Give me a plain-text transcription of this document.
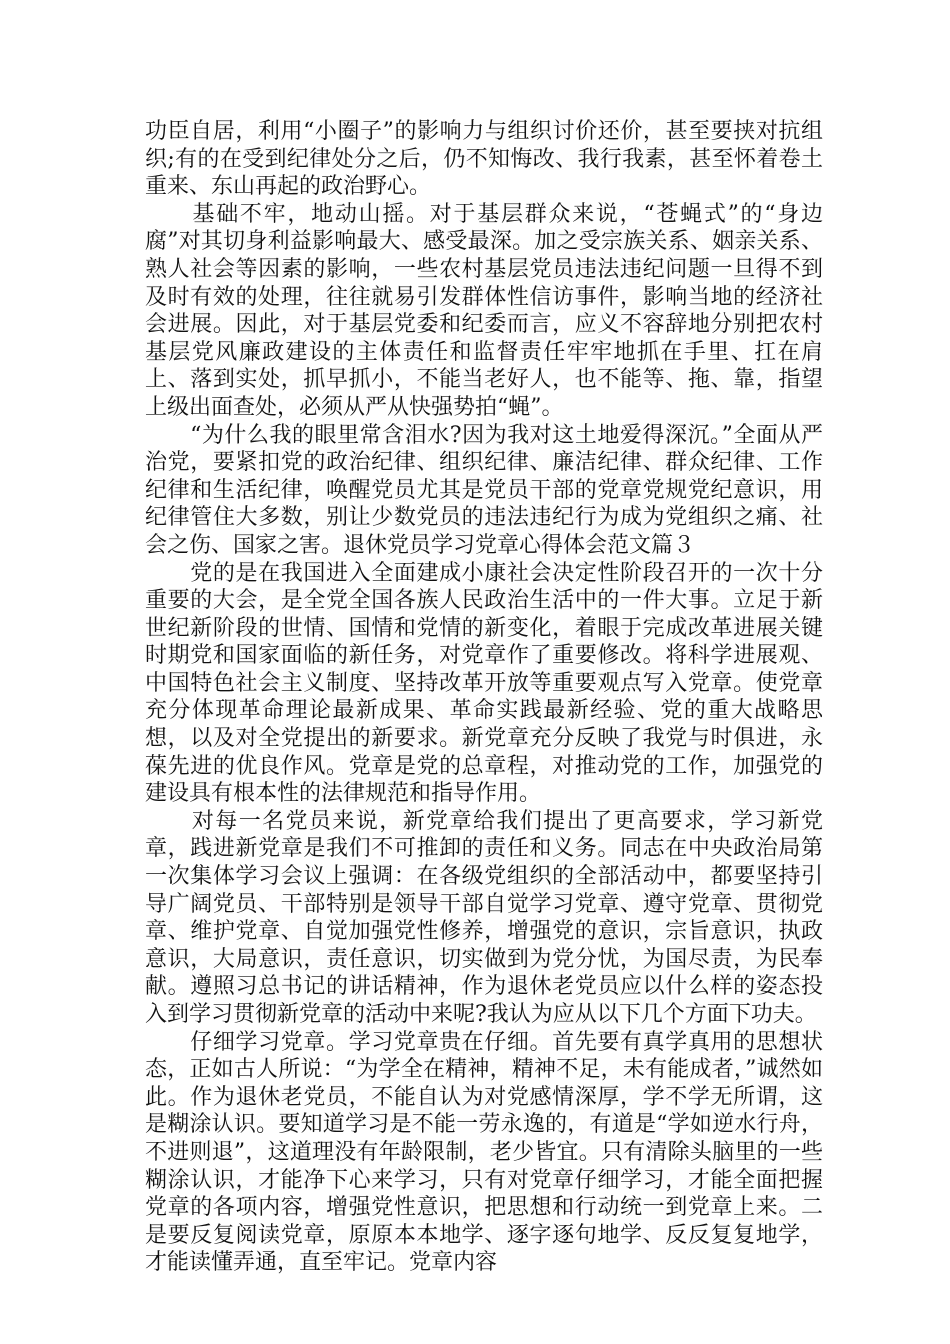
功臣自居，利用“小圈子”的影响力与组织讨价还价，甚至要挟对抗组织;有的在受到纪律处分之后，仍不知悔改、我行我素，甚至怀着卷土重来、东山再起的政治野心。

　　基础不牢，地动山摇。对于基层群众来说，“苍蝇式”的“身边腐”对其切身利益影响最大、感受最深。加之受宗族关系、姻亲关系、熟人社会等因素的影响，一些农村基层党员违法违纪问题一旦得不到及时有效的处理，往往就易引发群体性信访事件，影响当地的经济社会进展。因此，对于基层党委和纪委而言，应义不容辞地分别把农村基层党风廉政建设的主体责任和监督责任牢牢地抓在手里、扛在肩上、落到实处，抓早抓小，不能当老好人，也不能等、拖、靠，指望上级出面查处，必须从严从快强势拍“蝇”。

　　“为什么我的眼里常含泪水?因为我对这土地爱得深沉。”全面从严治党，要紧扣党的政治纪律、组织纪律、廉洁纪律、群众纪律、工作纪律和生活纪律，唤醒党员尤其是党员干部的党章党规党纪意识，用纪律管住大多数，别让少数党员的违法违纪行为成为党组织之痛、社会之伤、国家之害。退休党员学习党章心得体会范文篇３

　　党的是在我国进入全面建成小康社会决定性阶段召开的一次十分重要的大会，是全党全国各族人民政治生活中的一件大事。立足于新世纪新阶段的世情、国情和党情的新变化，着眼于完成改革进展关键时期党和国家面临的新任务，对党章作了重要修改。将科学进展观、中国特色社会主义制度、坚持改革开放等重要观点写入党章。使党章充分体现革命理论最新成果、革命实践最新经验、党的重大战略思想，以及对全党提出的新要求。新党章充分反映了我党与时俱进，永葆先进的优良作风。党章是党的总章程，对推动党的工作，加强党的建设具有根本性的法律规范和指导作用。

　　对每一名党员来说，新党章给我们提出了更高要求，学习新党章，践进新党章是我们不可推卸的责任和义务。同志在中央政治局第一次集体学习会议上强调：在各级党组织的全部活动中，都要坚持引导广阔党员、干部特别是领导干部自觉学习党章、遵守党章、贯彻党章、维护党章、自觉加强党性修养，增强党的意识，宗旨意识，执政意识，大局意识，责任意识，切实做到为党分忧，为国尽责，为民奉献。遵照习总书记的讲话精神，作为退休老党员应以什么样的姿态投入到学习贯彻新党章的活动中来呢?我认为应从以下几个方面下功夫。

　　仔细学习党章。学习党章贵在仔细。首先要有真学真用的思想状态，正如古人所说：“为学全在精神，精神不足，未有能成者，”诚然如此。作为退休老党员，不能自认为对党感情深厚，学不学无所谓，这是糊涂认识。要知道学习是不能一劳永逸的，有道是“学如逆水行舟，不进则退”，这道理没有年龄限制，老少皆宜。只有清除头脑里的一些糊涂认识，才能净下心来学习，只有对党章仔细学习，才能全面把握党章的各项内容，增强党性意识，把思想和行动统一到党章上来。二是要反复阅读党章，原原本本地学、逐字逐句地学、反反复复地学，才能读懂弄通，直至牢记。党章内容
